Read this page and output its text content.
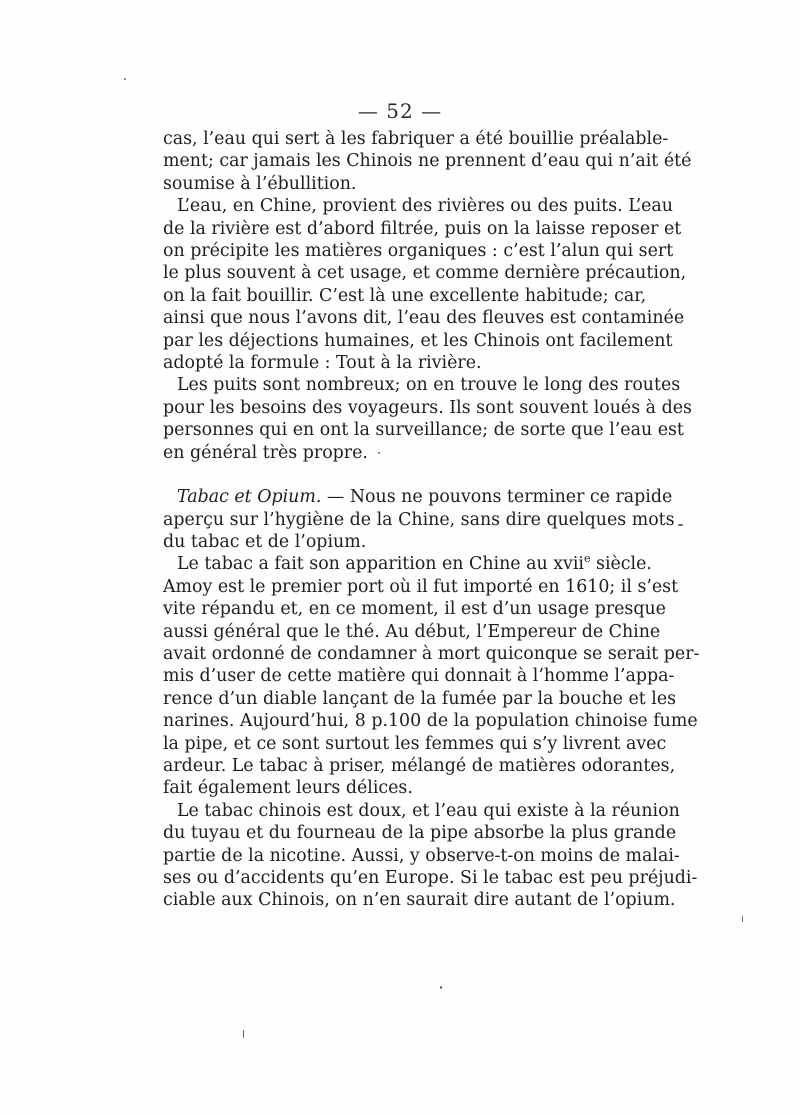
— 52 —
cas, l’eau qui sert à les fabriquer a été bouillie préalable-
ment; car jamais les Chinois ne prennent d’eau qui n’ait été
soumise à l’ébullition.
L’eau, en Chine, provient des rivières ou des puits. L’eau
de la rivière est d’abord filtrée, puis on la laisse reposer et
on précipite les matières organiques : c’est l’alun qui sert
le plus souvent à cet usage, et comme dernière précaution,
on la fait bouillir. C’est là une excellente habitude; car,
ainsi que nous l’avons dit, l’eau des fleuves est contaminée
par les déjections humaines, et les Chinois ont facilement
adopté la formule : Tout à la rivière.
Les puits sont nombreux; on en trouve le long des routes
pour les besoins des voyageurs. Ils sont souvent loués à des
personnes qui en ont la surveillance; de sorte que l’eau est
en général très propre.
Tabac et Opium. — Nous ne pouvons terminer ce rapide
aperçu sur l’hygiène de la Chine, sans dire quelques mots
du tabac et de l’opium.
Le tabac a fait son apparition en Chine au xvii$^e$ siècle.
Amoy est le premier port où il fut importé en 1610; il s’est
vite répandu et, en ce moment, il est d’un usage presque
aussi général que le thé. Au début, l’Empereur de Chine
avait ordonné de condamner à mort quiconque se serait per-
mis d’user de cette matière qui donnait à l’homme l’appa-
rence d’un diable lançant de la fumée par la bouche et les
narines. Aujourd’hui, 8 p.100 de la population chinoise fume
la pipe, et ce sont surtout les femmes qui s’y livrent avec
ardeur. Le tabac à priser, mélangé de matières odorantes,
fait également leurs délices.
Le tabac chinois est doux, et l’eau qui existe à la réunion
du tuyau et du fourneau de la pipe absorbe la plus grande
partie de la nicotine. Aussi, y observe-t-on moins de malai-
ses ou d’accidents qu’en Europe. Si le tabac est peu préjudi-
ciable aux Chinois, on n’en saurait dire autant de l’opium.
